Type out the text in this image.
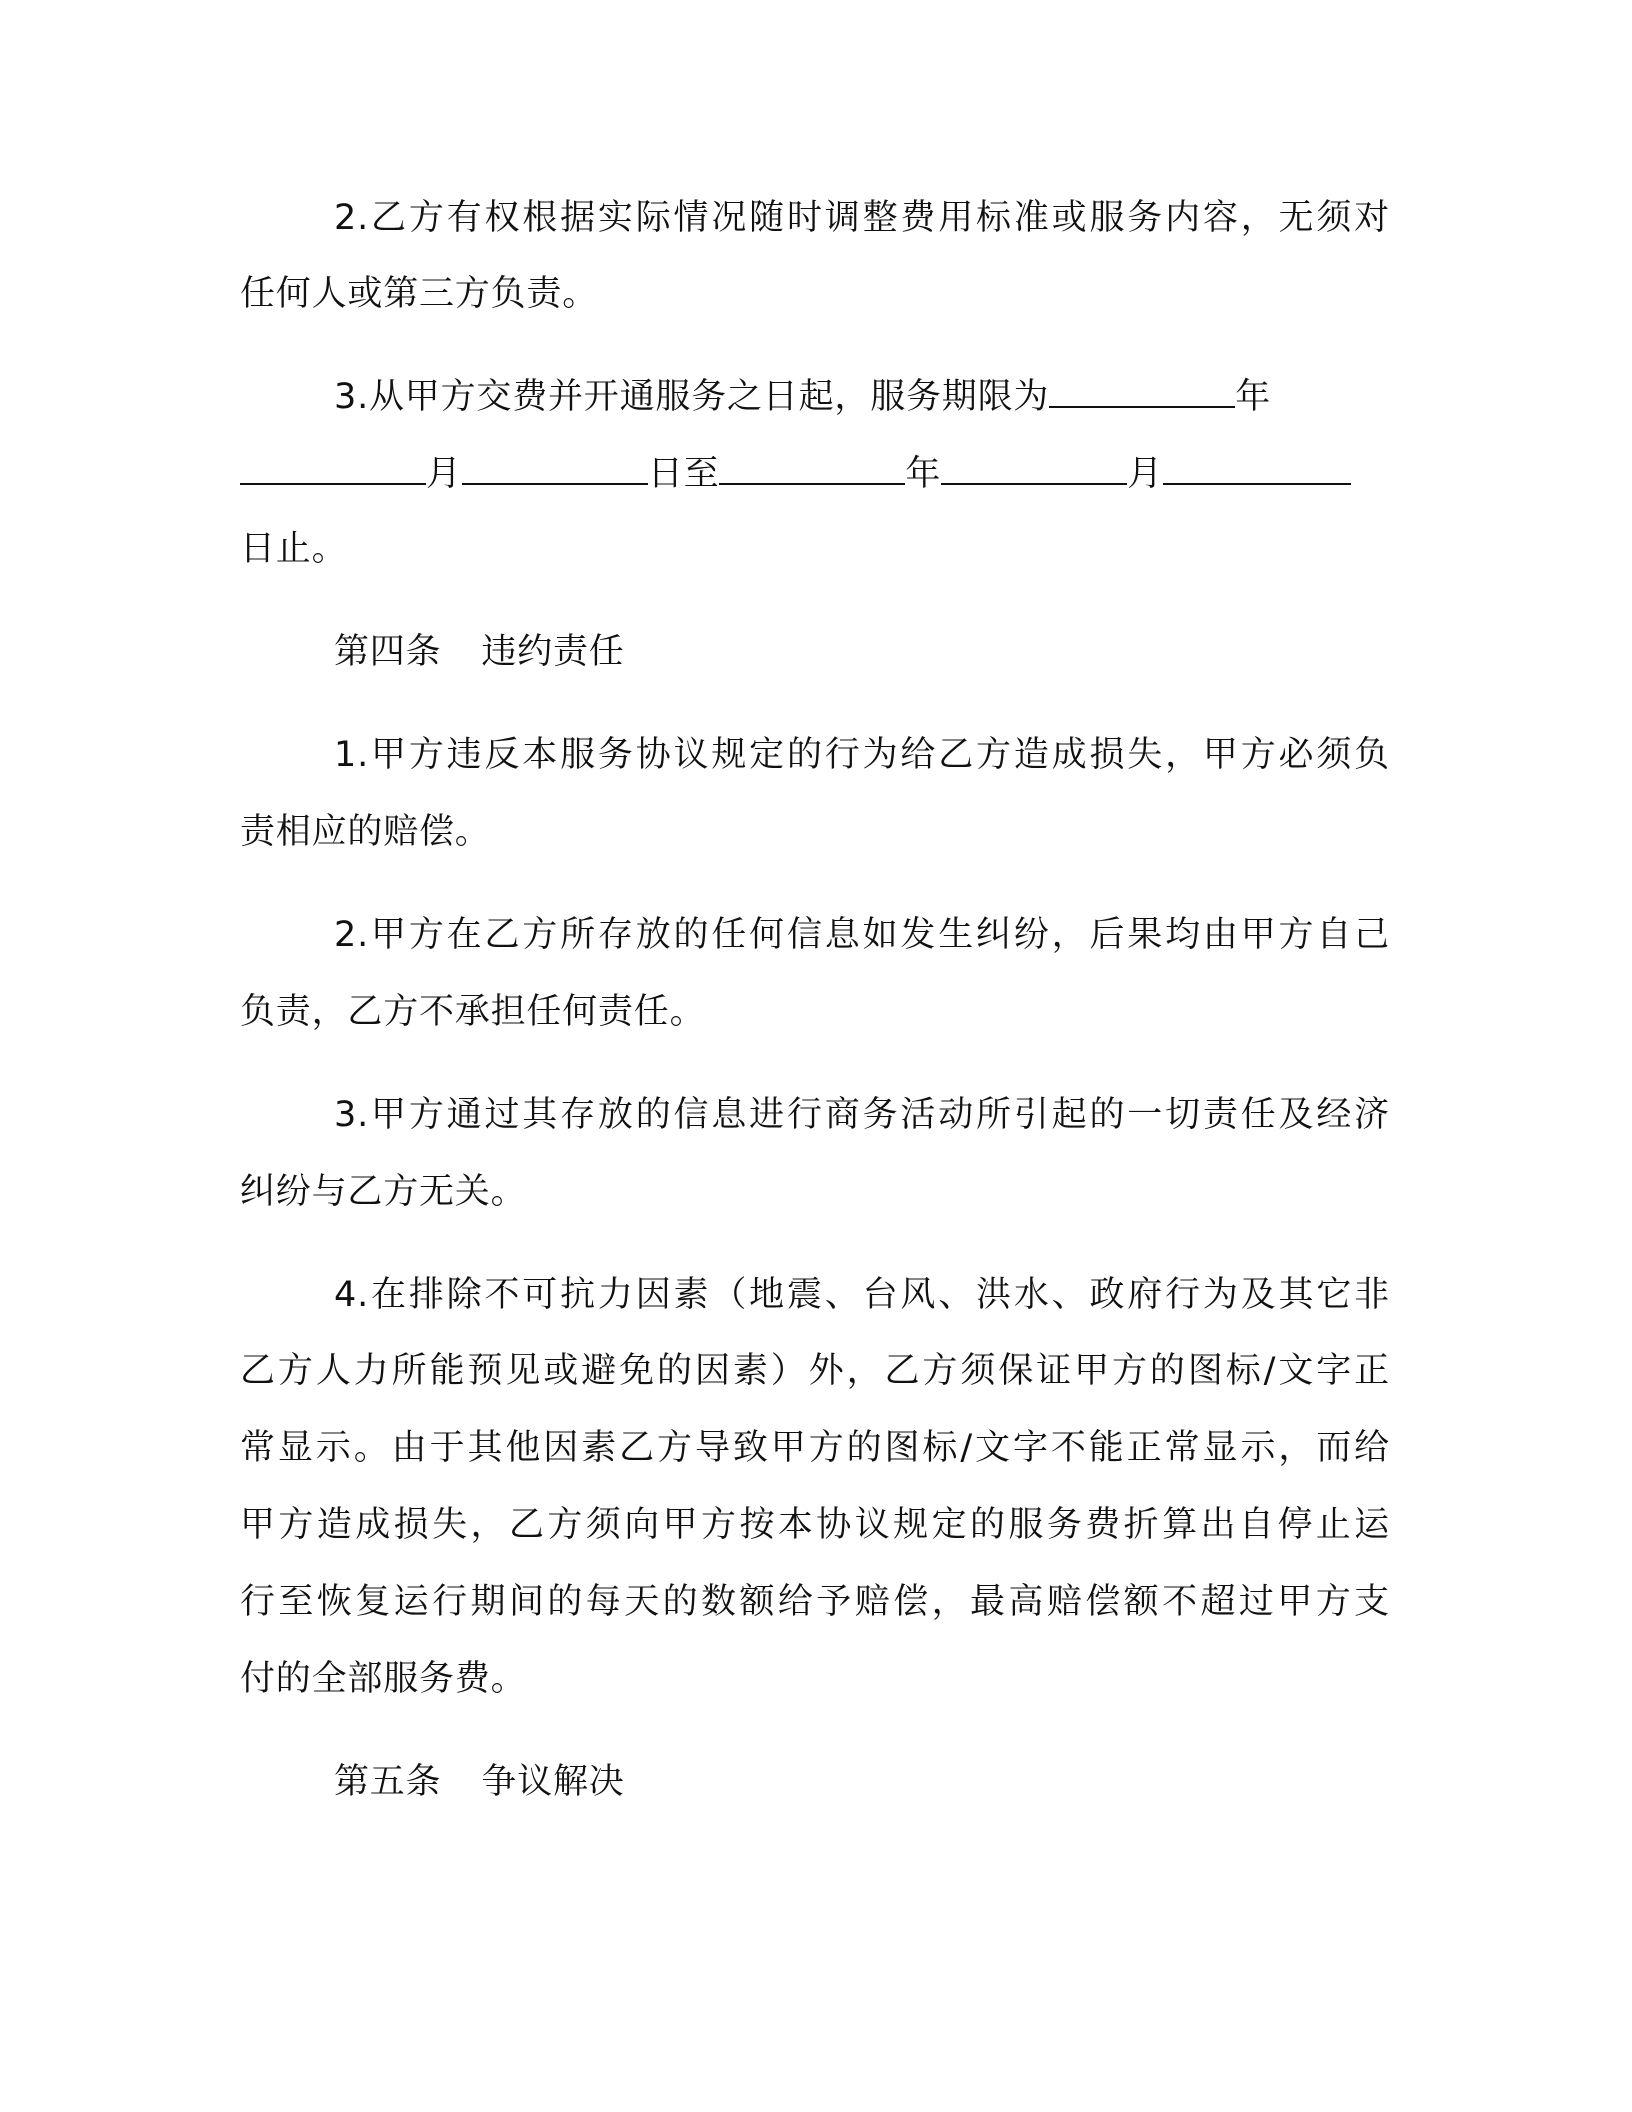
2.乙方有权根据实际情况随时调整费用标准或服务内容，无须对
任何人或第三方负责。
3.从甲方交费并开通服务之日起，服务期限为	年
月	日至	年	月
日止。
第四条 违约责任
1.甲方违反本服务协议规定的行为给乙方造成损失，甲方必须负
责相应的赔偿。
2.甲方在乙方所存放的任何信息如发生纠纷，后果均由甲方自己
负责，乙方不承担任何责任。
3.甲方通过其存放的信息进行商务活动所引起的一切责任及经济
纠纷与乙方无关。
4.在排除不可抗力因素（地震、台风、洪水、政府行为及其它非
乙方人力所能预见或避免的因素）外，乙方须保证甲方的图标/文字正
常显示。由于其他因素乙方导致甲方的图标/文字不能正常显示，而给
甲方造成损失，乙方须向甲方按本协议规定的服务费折算出自停止运
行至恢复运行期间的每天的数额给予赔偿，最高赔偿额不超过甲方支
付的全部服务费。
第五条 争议解决
